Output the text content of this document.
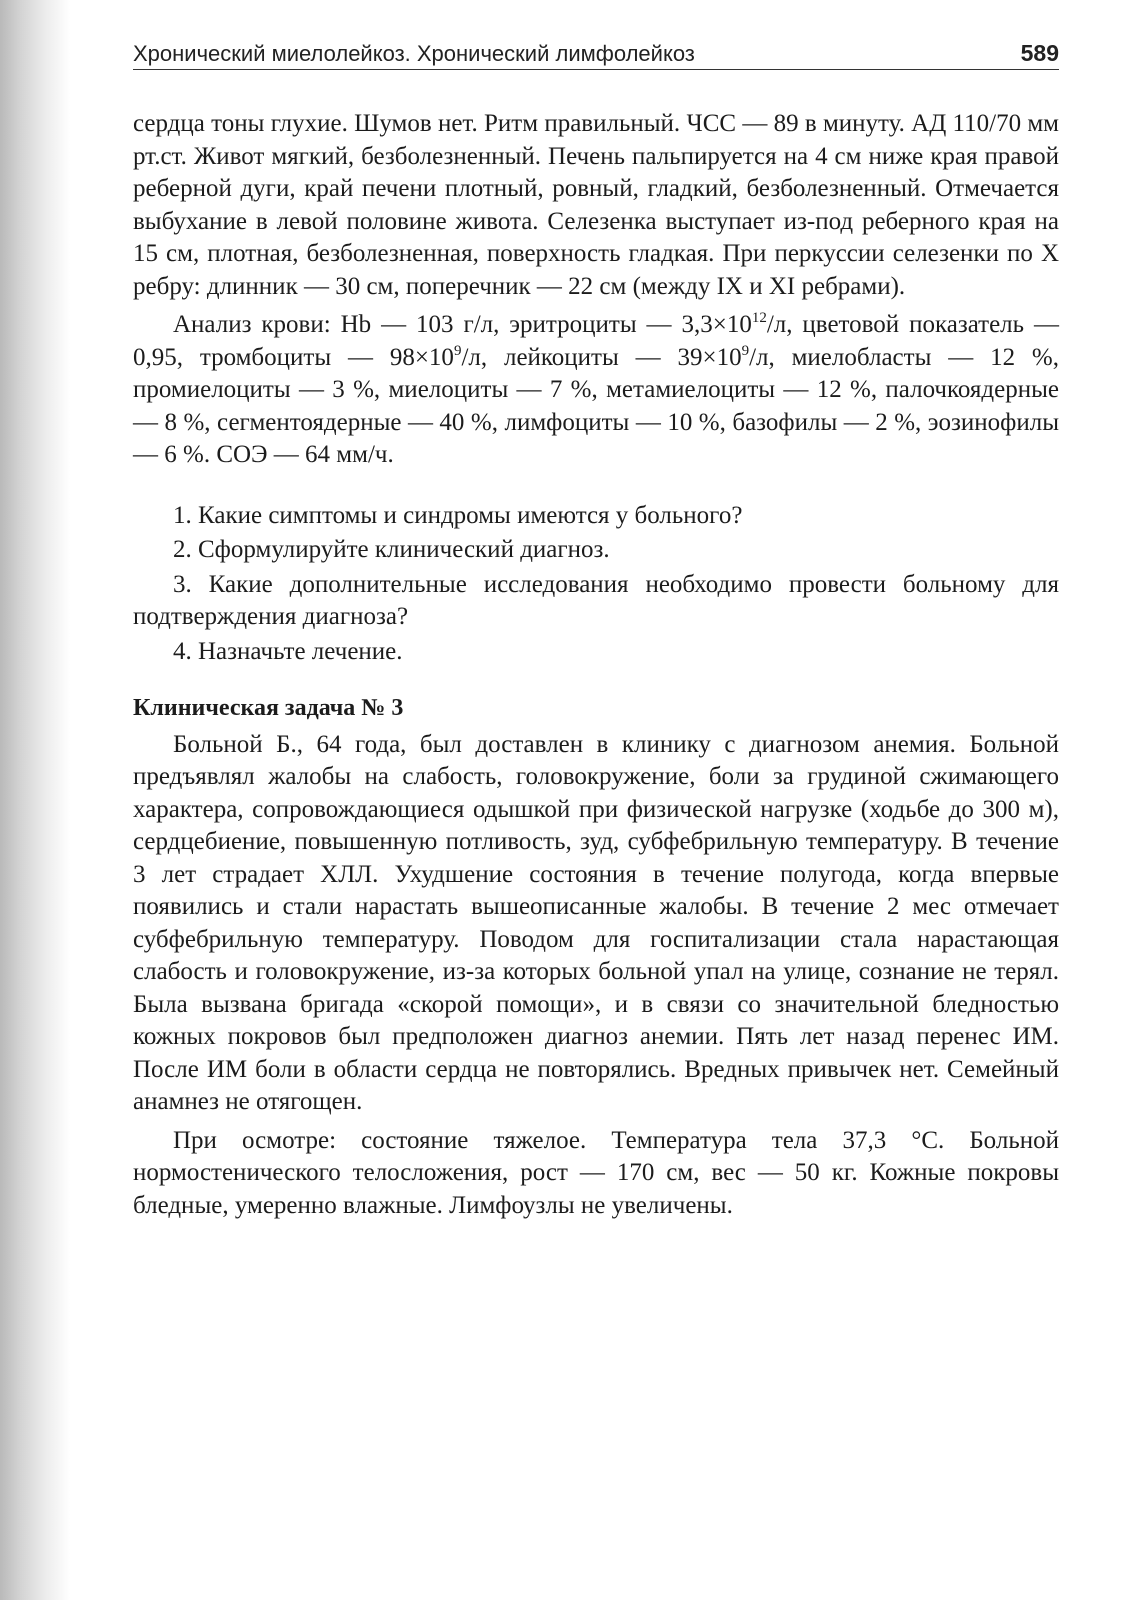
Хронический миелолейкоз. Хронический лимфолейкоз	589

сердца тоны глухие. Шумов нет. Ритм правильный. ЧСС — 89 в минуту. АД 110/70 мм рт.ст. Живот мягкий, безболезненный. Печень пальпируется на 4 см ниже края правой реберной дуги, край печени плотный, ровный, гладкий, безболезненный. Отмечается выбухание в левой половине живота. Селезенка выступает из-под реберного края на 15 см, плотная, безболезненная, поверхность гладкая. При перкуссии селезенки по X ребру: длинник — 30 см, поперечник — 22 см (между IX и XI ребрами).

Анализ крови: Hb — 103 г/л, эритроциты — $3,3\times 10^{12}/л$, цветовой показатель — 0,95, тромбоциты — $98\times 10^9/л$, лейкоциты — $39\times 10^9/л$, миелобласты — 12 %, промиелоциты — 3 %, миелоциты — 7 %, метамиелоциты — 12 %, палочкоядерные — 8 %, сегментоядерные — 40 %, лимфоциты — 10 %, базофилы — 2 %, эозинофилы — 6 %. СОЭ — 64 мм/ч.

1. Какие симптомы и синдромы имеются у больного?

2. Сформулируйте клинический диагноз.

3. Какие дополнительные исследования необходимо провести больному для подтверждения диагноза?

4. Назначьте лечение.

Клиническая задача № 3

Больной Б., 64 года, был доставлен в клинику с диагнозом анемия. Больной предъявлял жалобы на слабость, головокружение, боли за грудиной сжимающего характера, сопровождающиеся одышкой при физической нагрузке (ходьбе до 300 м), сердцебиение, повышенную потливость, зуд, субфебрильную температуру. В течение 3 лет страдает ХЛЛ. Ухудшение состояния в течение полугода, когда впервые появились и стали нарастать вышеописанные жалобы. В течение 2 мес отмечает субфебрильную температуру. Поводом для госпитализации стала нарастающая слабость и головокружение, из-за которых больной упал на улице, сознание не терял. Была вызвана бригада «скорой помощи», и в связи со значительной бледностью кожных покровов был предположен диагноз анемии. Пять лет назад перенес ИМ. После ИМ боли в области сердца не повторялись. Вредных привычек нет. Семейный анамнез не отягощен.

При осмотре: состояние тяжелое. Температура тела 37,3 °С. Больной нормостенического телосложения, рост — 170 см, вес — 50 кг. Кожные покровы бледные, умеренно влажные. Лимфоузлы не увеличены.
